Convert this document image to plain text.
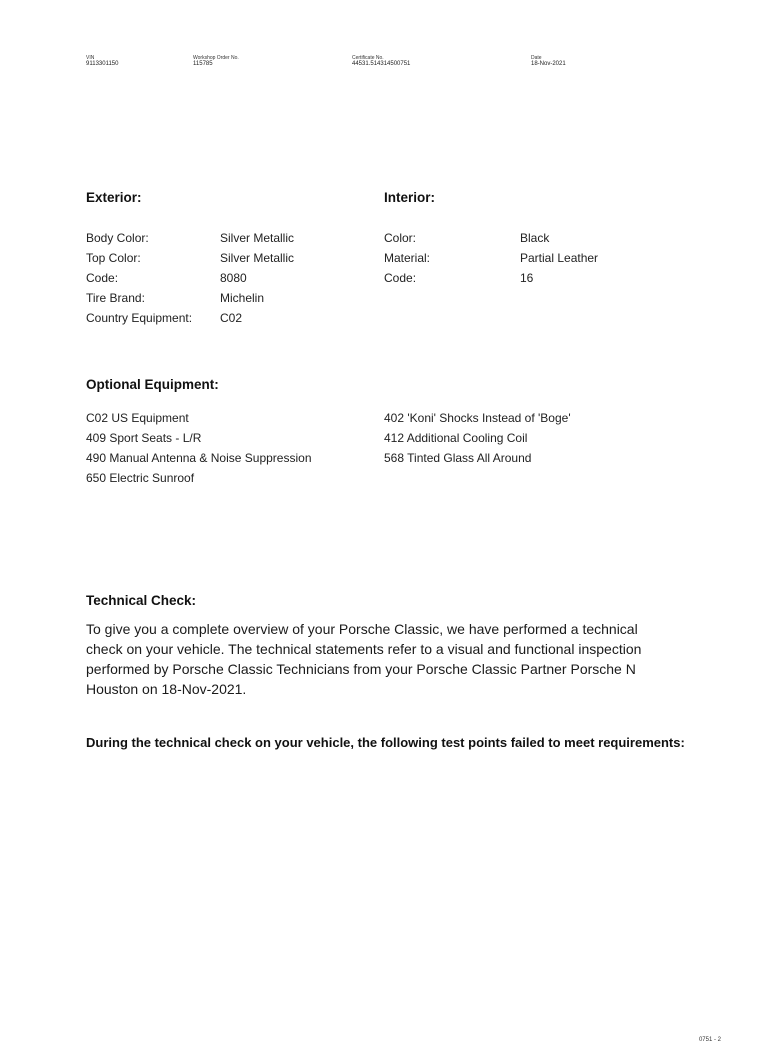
VIN
9113301150
Workshop Order No.
115785
Certificate No.
44531.514314500751
Date
18-Nov-2021
Exterior:
Body Color:	Silver Metallic
Top Color:	Silver Metallic
Code:	8080
Tire Brand:	Michelin
Country Equipment: C02
Interior:
Color:	Black
Material:	Partial Leather
Code:	16
Optional Equipment:
C02 US Equipment
409 Sport Seats - L/R
490 Manual Antenna & Noise Suppression
650 Electric Sunroof
402 'Koni' Shocks Instead of 'Boge'
412 Additional Cooling Coil
568 Tinted Glass All Around
Technical Check:

To give you a complete overview of your Porsche Classic, we have performed a technical check on your vehicle. The technical statements refer to a visual and functional inspection performed by Porsche Classic Technicians from your Porsche Classic Partner Porsche N Houston on 18-Nov-2021.

During the technical check on your vehicle, the following test points failed to meet requirements:

0751 - 2
